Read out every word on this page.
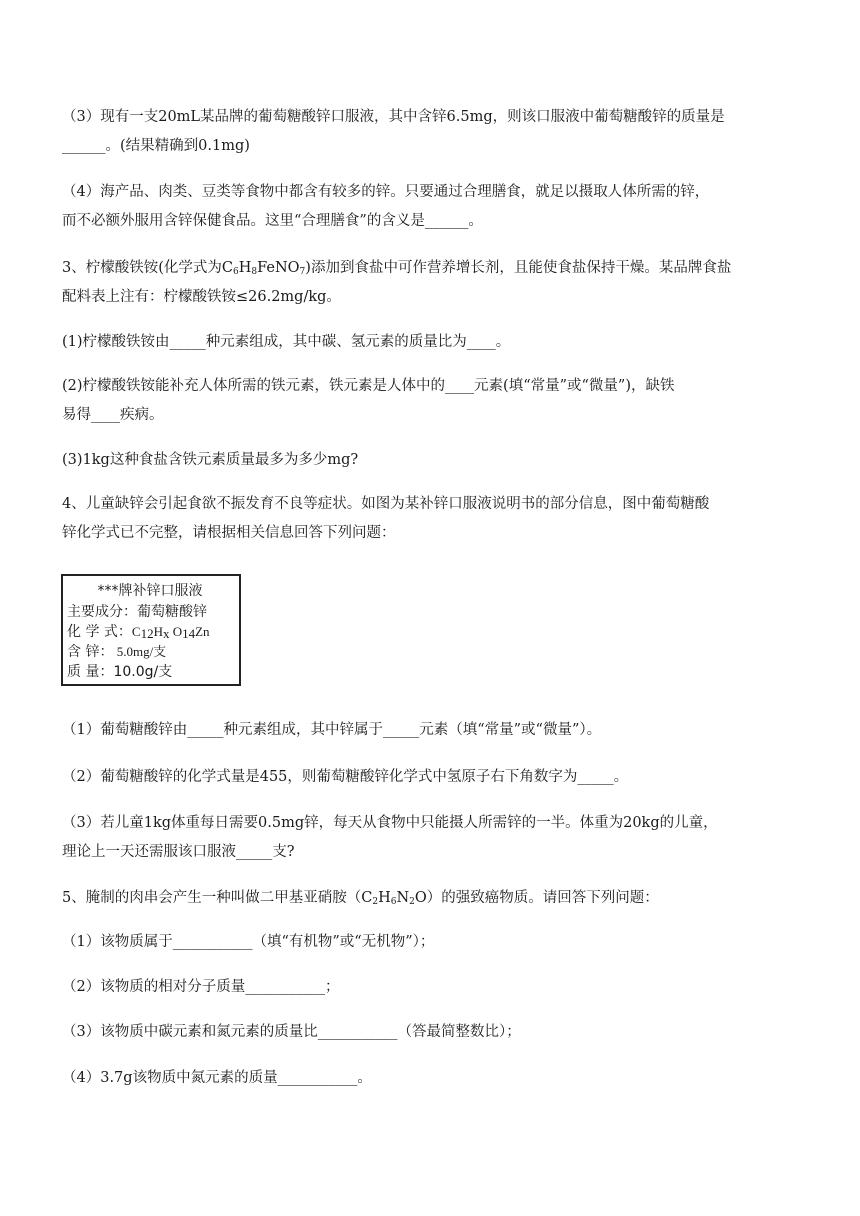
（3）现有一支20mL某品牌的葡萄糖酸锌口服液，其中含锌6.5mg，则该口服液中葡萄糖酸锌的质量是
______。(结果精确到0.1mg)
（4）海产品、肉类、豆类等食物中都含有较多的锌。只要通过合理膳食，就足以摄取人体所需的锌，
而不必额外服用含锌保健食品。这里“合理膳食”的含义是______。
3、柠檬酸铁铵(化学式为$C_6H_8FeNO_7$)添加到食盐中可作营养增长剂，且能使食盐保持干燥。某品牌食盐
配料表上注有：柠檬酸铁铵≤26.2mg/kg。
(1)柠檬酸铁铵由_____种元素组成，其中碳、氢元素的质量比为____。
(2)柠檬酸铁铵能补充人体所需的铁元素，铁元素是人体中的____元素(填“常量”或“微量”)，缺铁
易得____疾病。
(3)1kg这种食盐含铁元素质量最多为多少mg?
4、儿童缺锌会引起食欲不振发育不良等症状。如图为某补锌口服液说明书的部分信息，图中葡萄糖酸
锌化学式已不完整，请根据相关信息回答下列问题：
***牌补锌口服液
主要成分：葡萄糖酸锌
化 学 式：$C_{12}H_x$ $O_{14}Zn$
含 锌： 5.0mg/支
质 量：10.0g/支
（1）葡萄糖酸锌由_____种元素组成，其中锌属于_____元素（填“常量”或“微量”）。
（2）葡萄糖酸锌的化学式量是455，则葡萄糖酸锌化学式中氢原子右下角数字为_____。
（3）若儿童1kg体重每日需要0.5mg锌，每天从食物中只能摄人所需锌的一半。体重为20kg的儿童，
理论上一天还需服该口服液_____支?
5、腌制的肉串会产生一种叫做二甲基亚硝胺$(C_2H_6N_2O)$的强致癌物质。请回答下列问题：
（1）该物质属于___________（填“有机物”或“无机物”）；
（2）该物质的相对分子质量___________；
（3）该物质中碳元素和氮元素的质量比___________（答最简整数比）；
（4）3.7g该物质中氮元素的质量___________。
